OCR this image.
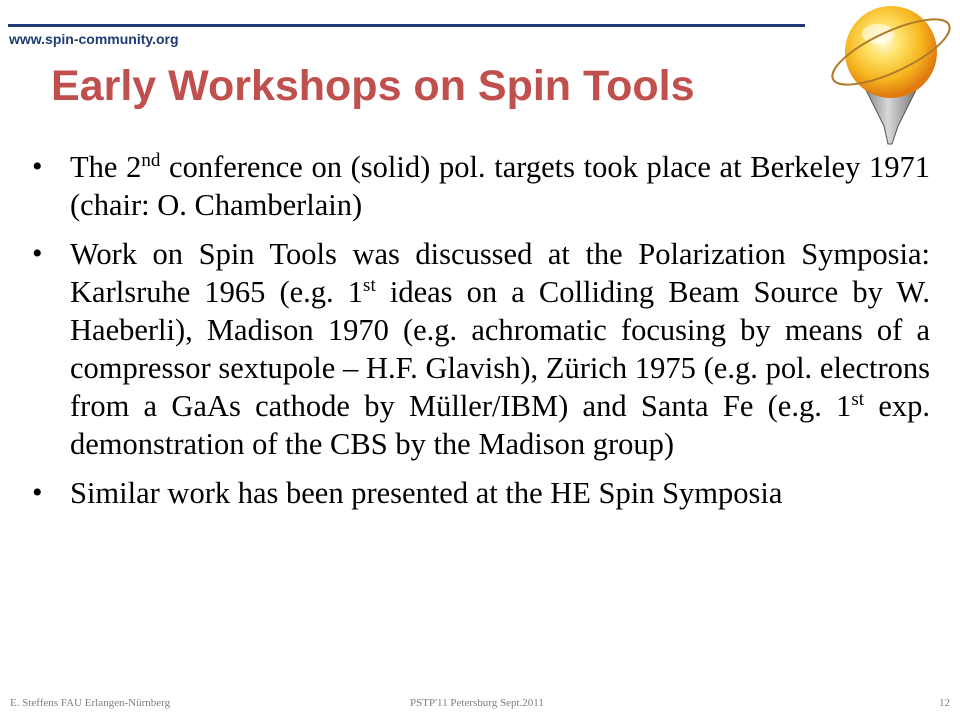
www.spin-community.org
Early Workshops on Spin Tools
• The 2nd conference on (solid) pol. targets took place at Berkeley 1971 (chair: O. Chamberlain)
• Work on Spin Tools was discussed at the Polarization Symposia: Karlsruhe 1965 (e.g. 1st ideas on a Colliding Beam Source by W. Haeberli), Madison 1970 (e.g. achromatic focusing by means of a compressor sextupole – H.F. Glavish), Zürich 1975 (e.g. pol. electrons from a GaAs cathode by Müller/IBM) and Santa Fe (e.g. 1st exp. demonstration of the CBS by the Madison group)
• Similar work has been presented at the HE Spin Symposia
E. Steffens FAU Erlangen-Nürnberg	PSTP'11 Petersburg Sept.2011	12
